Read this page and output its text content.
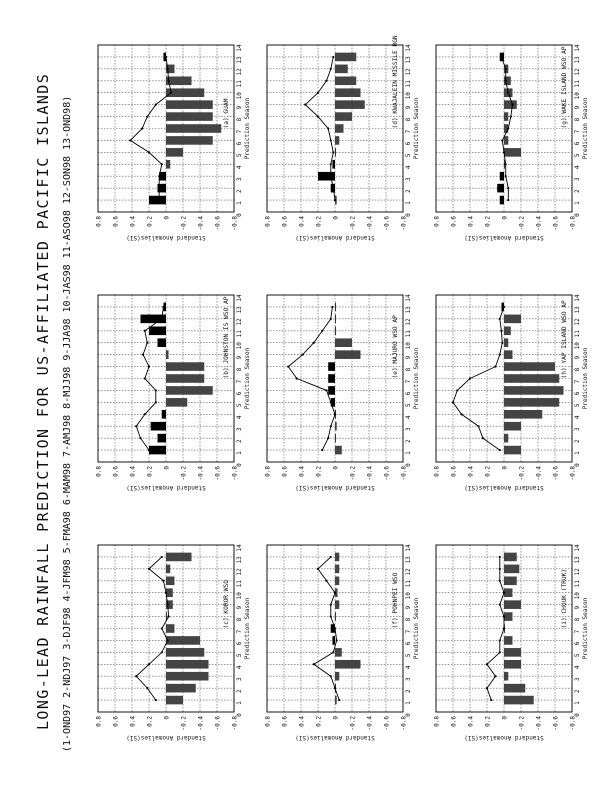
LONG-LEAD RAINFALL PREDICTION FOR US-AFFILIATED PACIFIC ISLANDS (1-OND97 2-NDJ97 3-DJF98 4-JFM98 5-FMA98 6-MAM98 7-AMJ98 8-MJJ98 9-JJA98 10-JAS98 11-ASO98 12-SON98 13-OND98)	0.8 0.6 0.4 0.2 0 -0.2 -0.4 -0.6 -0.8
0
1
2
3
4
5
6
7
8
9
10
11
12
13
14
(a) GUAM Prediction Season
Standard Anomalies(SI)
0.8 0.6 0.4 0.2 0 -0.2 -0.4 -0.6 -0.8
0
1
2
3
4
5
6
7
8
9
10
11
12
13
14
(b) JOHNSTON IS WSO AP
Prediction Season
Standard Anomalies(SI)
0.8 0.6 0.4 0.2 0 -0.2 -0.4 -0.6 -0.8
0
1
2
3
4
5
6
7
8
9
10
11
12
13
14
(c) KOROR WSO Prediction Season
Standard Anomalies(SI)
0.8 0.6 0.4 0.2 0 -0.2 -0.4 -0.6 -0.8
0
1
2
3
4
5
6
7
8
9
10
11
12
13
14
(d) KWAJALEIN MISSILE RGN
Prediction Season
Standard Anomalies(SI)
0.8 0.6 0.4 0.2 0 -0.2 -0.4 -0.6 -0.8
0
1
2
3
4
5
6
7
8
9
10
11
12
13
14
(e) MAJURO WSO AP
Prediction Season
Standard Anomalies(SI)
0.8 0.6 0.4 0.2 0 -0.2 -0.4 -0.6 -0.8
0
1
2
3
4
5
6
7
8
9
10
11
12
13
14
(f) POHNPEI WSO Prediction Season
Standard Anomalies(SI)
0.8 0.6 0.4 0.2 0 -0.2 -0.4 -0.6 -0.8
0
1
2
3
4
5
6
7
8
9
10
11
12
13
14
(g) WAKE ISLAND WSO AP
Prediction Season
Standard Anomalies(SI)
0.8 0.6 0.4 0.2 0 -0.2 -0.4 -0.6 -0.8
0
1
2
3
4
5
6
7
8
9
10
11
12
13
14
(h) YAP ISLAND WSO AP
Prediction Season
Standard Anomalies(SI)
0.8 0.6 0.4 0.2 0 -0.2 -0.4 -0.6 -0.8
0
1
2
3
4
5
6
7
8
9
10
11
12
13
14
(i) CHUUK (TRUK) Prediction Season
Standard Anomalies(SI)
